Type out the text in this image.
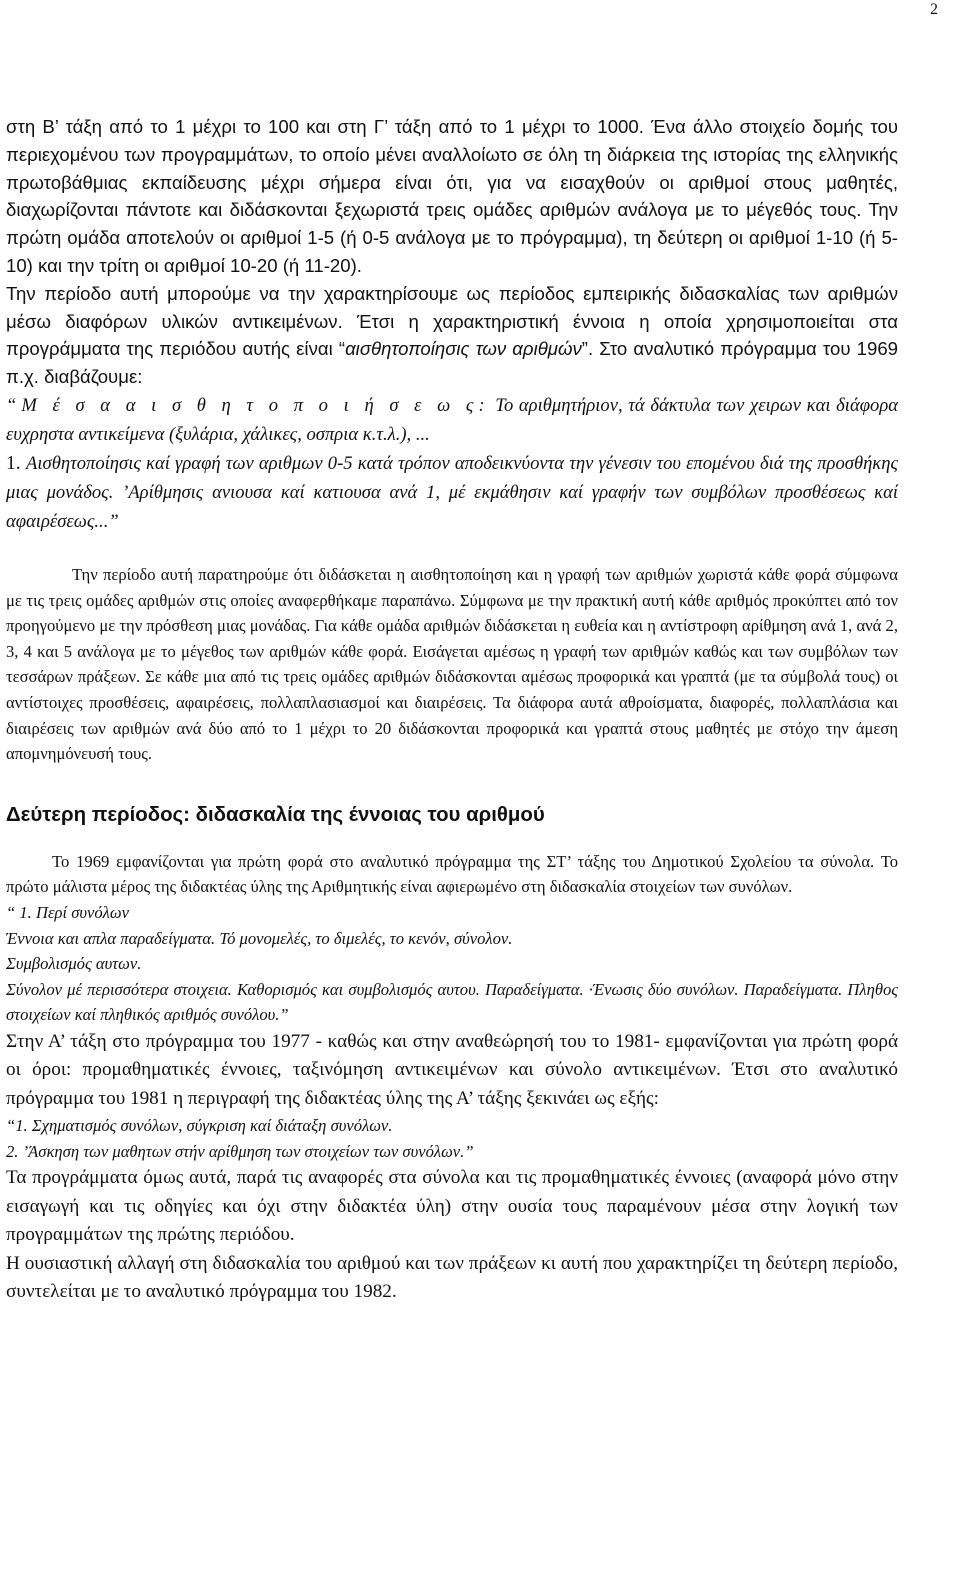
2

στη Β’ τάξη από το 1 μέχρι το 100 και στη Γ’ τάξη από το 1 μέχρι το 1000. Ένα άλλο στοιχείο δομής του περιεχομένου των προγραμμάτων, το οποίο μένει αναλλοίωτο σε όλη τη διάρκεια της ιστορίας της ελληνικής πρωτοβάθμιας εκπαίδευσης μέχρι σήμερα είναι ότι, για να εισαχθούν οι αριθμοί στους μαθητές, διαχωρίζονται πάντοτε και διδάσκονται ξεχωριστά τρεις ομάδες αριθμών ανάλογα με το μέγεθός τους. Την πρώτη ομάδα αποτελούν οι αριθμοί 1-5 (ή 0-5 ανάλογα με το πρόγραμμα), τη δεύτερη οι αριθμοί 1-10 (ή 5-10) και την τρίτη οι αριθμοί 10-20 (ή 11-20).

Την περίοδο αυτή μπορούμε να την χαρακτηρίσουμε ως περίοδος εμπειρικής διδασκαλίας των αριθμών μέσω διαφόρων υλικών αντικειμένων. Έτσι η χαρακτηριστική έννοια η οποία χρησιμοποιείται στα προγράμματα της περιόδου αυτής είναι “αισθητοποίησις των αριθμών”. Στο αναλυτικό πρόγραμμα του 1969 π.χ. διαβάζουμε:

“Μ έ σ α α ι σ θ η τ ο π ο ι ή σ ε ω ς: Το αριθμητήριον, τά δάκτυλα των χειρων και διάφορα ευχρηστα αντικείμενα (ξυλάρια, χάλικες, οσπρια κ.τ.λ.), ...

1. Αισθητοποίησις καί γραφή των αριθμων 0-5 κατά τρόπον αποδεικνύοντα την γένεσιν του επομένου διά της προσθήκης μιας μονάδος. ’Αρίθμησις ανιουσα καί κατιουσα ανά 1, μέ εκμάθησιν καί γραφήν των συμβόλων προσθέσεως καί αφαιρέσεως...”

Την περίοδο αυτή παρατηρούμε ότι διδάσκεται η αισθητοποίηση και η γραφή των αριθμών χωριστά κάθε φορά σύμφωνα με τις τρεις ομάδες αριθμών στις οποίες αναφερθήκαμε παραπάνω. Σύμφωνα με την πρακτική αυτή κάθε αριθμός προκύπτει από τον προηγούμενο με την πρόσθεση μιας μονάδας. Για κάθε ομάδα αριθμών διδάσκεται η ευθεία και η αντίστροφη αρίθμηση ανά 1, ανά 2, 3, 4 και 5 ανάλογα με το μέγεθος των αριθμών κάθε φορά. Εισάγεται αμέσως η γραφή των αριθμών καθώς και των συμβόλων των τεσσάρων πράξεων. Σε κάθε μια από τις τρεις ομάδες αριθμών διδάσκονται αμέσως προφορικά και γραπτά (με τα σύμβολά τους) οι αντίστοιχες προσθέσεις, αφαιρέσεις, πολλαπλασιασμοί και διαιρέσεις. Τα διάφορα αυτά αθροίσματα, διαφορές, πολλαπλάσια και διαιρέσεις των αριθμών ανά δύο από το 1 μέχρι το 20 διδάσκονται προφορικά και γραπτά στους μαθητές με στόχο την άμεση απομνημόνευσή τους.

Δεύτερη περίοδος: διδασκαλία της έννοιας του αριθμού

Το 1969 εμφανίζονται για πρώτη φορά στο αναλυτικό πρόγραμμα της ΣΤ’ τάξης του Δημοτικού Σχολείου τα σύνολα. Το πρώτο μάλιστα μέρος της διδακτέας ύλης της Αριθμητικής είναι αφιερωμένο στη διδασκαλία στοιχείων των συνόλων.

“ 1. Περί συνόλων

Έννοια και απλα παραδείγματα. Τό μονομελές, το διμελές, το κενόν, σύνολον.

Συμβολισμός αυτων.

Σύνολον μέ περισσότερα στοιχεια. Καθορισμός και συμβολισμός αυτου. Παραδείγματα. ·Ένωσις δύο συνόλων. Παραδείγματα. Πληθος στοιχείων καί πληθικός αριθμός συνόλου.”

Στην Α’ τάξη στο πρόγραμμα του 1977 - καθώς και στην αναθεώρησή του το 1981- εμφανίζονται για πρώτη φορά οι όροι: προμαθηματικές έννοιες, ταξινόμηση αντικειμένων και σύνολο αντικειμένων. Έτσι στο αναλυτικό πρόγραμμα του 1981 η περιγραφή της διδακτέας ύλης της Α’ τάξης ξεκινάει ως εξής:

“1. Σχηματισμός συνόλων, σύγκριση καί διάταξη συνόλων.

2. ’Άσκηση των μαθητων στήν αρίθμηση των στοιχείων των συνόλων.”

Τα προγράμματα όμως αυτά, παρά τις αναφορές στα σύνολα και τις προμαθηματικές έννοιες (αναφορά μόνο στην εισαγωγή και τις οδηγίες και όχι στην διδακτέα ύλη) στην ουσία τους παραμένουν μέσα στην λογική των προγραμμάτων της πρώτης περιόδου.

Η ουσιαστική αλλαγή στη διδασκαλία του αριθμού και των πράξεων κι αυτή που χαρακτηρίζει τη δεύτερη περίοδο, συντελείται με το αναλυτικό πρόγραμμα του 1982.
